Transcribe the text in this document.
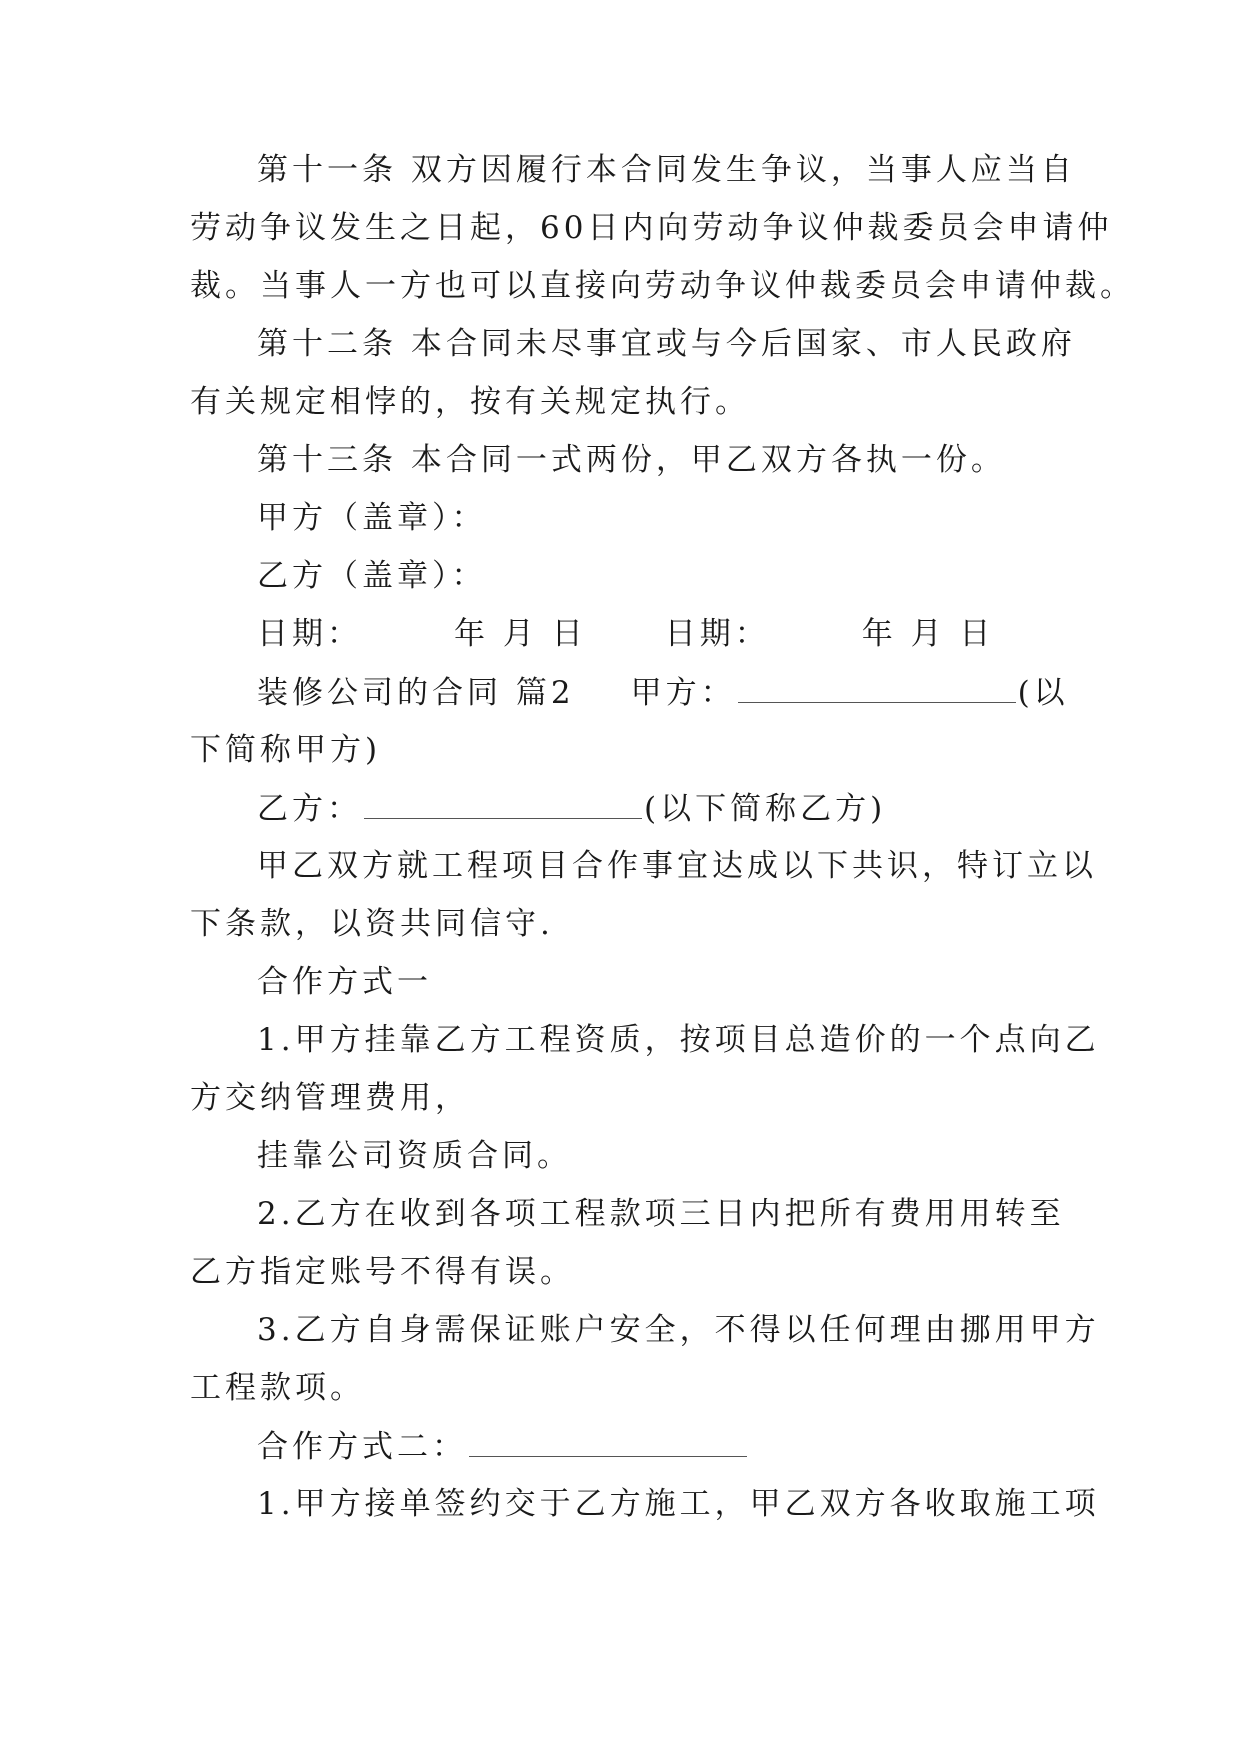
第十一条 双方因履行本合同发生争议，当事人应当自
劳动争议发生之日起，60日内向劳动争议仲裁委员会申请仲
裁。当事人一方也可以直接向劳动争议仲裁委员会申请仲裁。
第十二条 本合同未尽事宜或与今后国家、市人民政府
有关规定相悖的，按有关规定执行。
第十三条 本合同一式两份，甲乙双方各执一份。
甲方（盖章）：
乙方（盖章）：
日期：	年 月 日	日期：	年 月 日
装修公司的合同 篇2 甲方：	(以
下简称甲方)
乙方：	(以下简称乙方)
甲乙双方就工程项目合作事宜达成以下共识，特订立以
下条款，以资共同信守.
合作方式一
1.甲方挂靠乙方工程资质，按项目总造价的一个点向乙
方交纳管理费用，
挂靠公司资质合同。
2.乙方在收到各项工程款项三日内把所有费用用转至
乙方指定账号不得有误。
3.乙方自身需保证账户安全，不得以任何理由挪用甲方
工程款项。
合作方式二：
1.甲方接单签约交于乙方施工，甲乙双方各收取施工项
